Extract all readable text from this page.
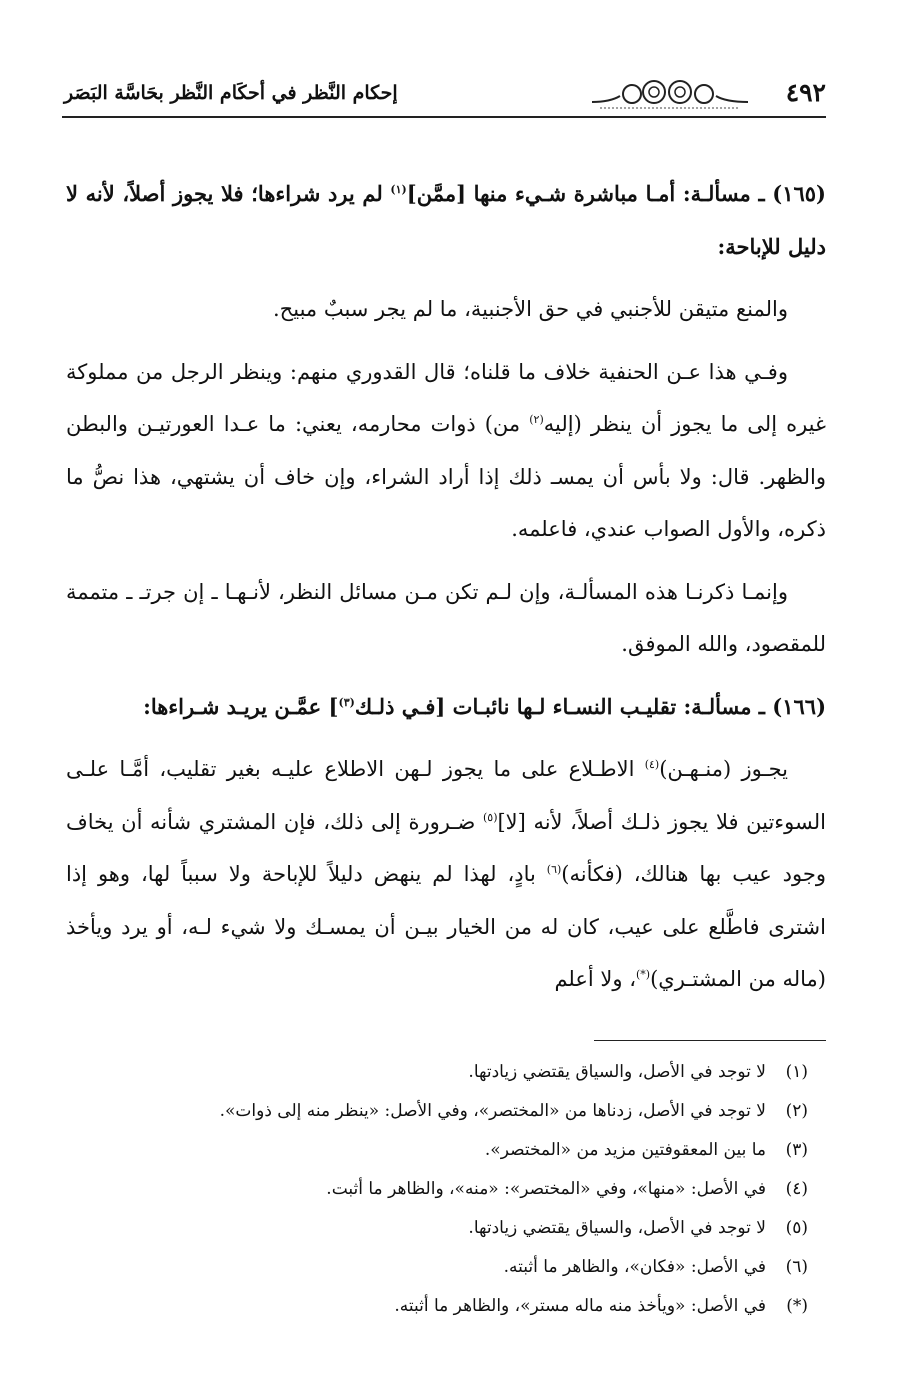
٤٩٢
إحكام النَّظر في أحكَام النَّظر بحَاسَّة البَصَر

(١٦٥) ـ مسألـة: أمـا مباشرة شـيء منها [ممَّن]$^{(١)}$ لم يرد شراءها؛ فلا يجوز أصلاً، لأنه لا دليل للإباحة:

والمنع متيقن للأجنبي في حق الأجنبية، ما لم يجر سببٌ مبيح.

وفـي هذا عـن الحنفية خلاف ما قلناه؛ قال القدوري منهم: وينظر الرجل من مملوكة غيره إلى ما يجوز أن ينظر (إليه$^{(٢)}$ من) ذوات محارمه، يعني: ما عـدا العورتيـن والبطن والظهر. قال: ولا بأس أن يمسـ ذلك إذا أراد الشراء، وإن خاف أن يشتهي، هذا نصُّ ما ذكره، والأول الصواب عندي، فاعلمه.

وإنمـا ذكرنـا هذه المسألـة، وإن لـم تكن مـن مسائل النظر، لأنـهـا ـ إن جرتـ ـ متممة للمقصود، والله الموفق.

(١٦٦) ـ مسألـة: تقليـب النسـاء لـها نائبـات [فـي ذلـك$^{(٣)}$] عمَّـن يريـد شـراءها:

يجـوز (منـهـن)$^{(٤)}$ الاطـلاع على ما يجوز لـهن الاطلاع عليـه بغير تقليب، أمَّـا علـى السوءتين فلا يجوز ذلـك أصلاً، لأنه [لا]$^{(٥)}$ ضـرورة إلى ذلك، فإن المشتري شأنه أن يخاف وجود عيب بها هنالك، (فكأنه)$^{(٦)}$ بادٍ، لهذا لم ينهض دليلاً للإباحة ولا سبباً لها، وهو إذا اشترى فاطَّلع على عيب، كان له من الخيار بيـن أن يمسـك ولا شيء لـه، أو يرد ويأخذ (ماله من المشتـري)(*)، ولا أعلم

(١)لا توجد في الأصل، والسياق يقتضي زيادتها.
(٢)لا توجد في الأصل، زدناها من «المختصر»، وفي الأصل: «ينظر منه إلى ذوات».
(٣)ما بين المعقوفتين مزيد من «المختصر».
(٤)في الأصل: «منها»، وفي «المختصر»: «منه»، والظاهر ما أثبت.
(٥)لا توجد في الأصل، والسياق يقتضي زيادتها.
(٦)في الأصل: «فكان»، والظاهر ما أثبته.
(*)في الأصل: «ويأخذ منه ماله مستر»، والظاهر ما أثبته.
